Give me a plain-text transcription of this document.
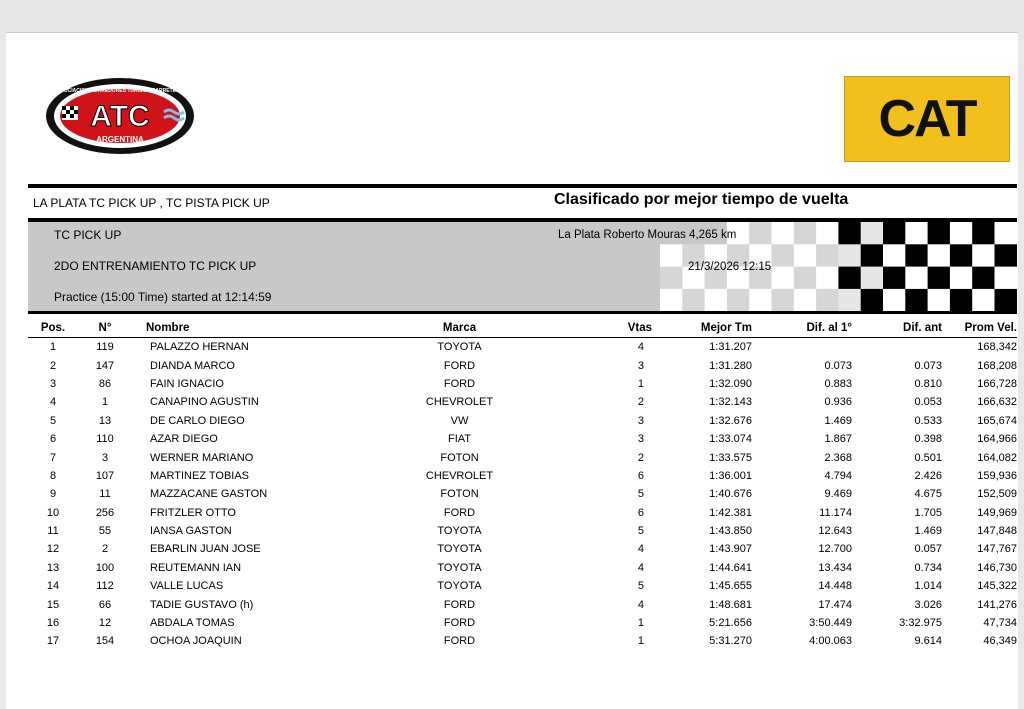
ATC
ASOCIACION CORREDORES TURISMO CARRETERA
ARGENTINA	CAT
LA PLATA TC PICK UP , TC PISTA PICK UP	Clasificado por mejor tiempo de vuelta
TC PICK UP
2DO ENTRENAMIENTO TC PICK UP
Practice (15:00 Time) started at 12:14:59
La Plata Roberto Mouras 4,265 km
21/3/2026 12:15
Pos.	N°	Nombre	Marca	Vtas	Mejor Tm	Dif. al 1°	Dif. ant	Prom Vel.
1	119	PALAZZO HERNAN	TOYOTA	4	1:31.207			168,342
2	147	DIANDA MARCO	FORD	3	1:31.280	0.073	0.073	168,208
3	86	FAIN IGNACIO	FORD	1	1:32.090	0.883	0.810	166,728
4	1	CANAPINO AGUSTIN	CHEVROLET	2	1:32.143	0.936	0.053	166,632
5	13	DE CARLO DIEGO	VW	3	1:32.676	1.469	0.533	165,674
6	110	AZAR DIEGO	FIAT	3	1:33.074	1.867	0.398	164,966
7	3	WERNER MARIANO	FOTON	2	1:33.575	2.368	0.501	164,082
8	107	MARTINEZ TOBIAS	CHEVROLET	6	1:36.001	4.794	2.426	159,936
9	11	MAZZACANE GASTON	FOTON	5	1:40.676	9.469	4.675	152,509
10	256	FRITZLER OTTO	FORD	6	1:42.381	11.174	1.705	149,969
11	55	IANSA GASTON	TOYOTA	5	1:43.850	12.643	1.469	147,848
12	2	EBARLIN JUAN JOSE	TOYOTA	4	1:43.907	12.700	0.057	147,767
13	100	REUTEMANN IAN	TOYOTA	4	1:44.641	13.434	0.734	146,730
14	112	VALLE LUCAS	TOYOTA	5	1:45.655	14.448	1.014	145,322
15	66	TADIE GUSTAVO (h)	FORD	4	1:48.681	17.474	3.026	141,276
16	12	ABDALA TOMAS	FORD	1	5:21.656	3:50.449	3:32.975	47,734
17	154	OCHOA JOAQUIN	FORD	1	5:31.270	4:00.063	9.614	46,349
